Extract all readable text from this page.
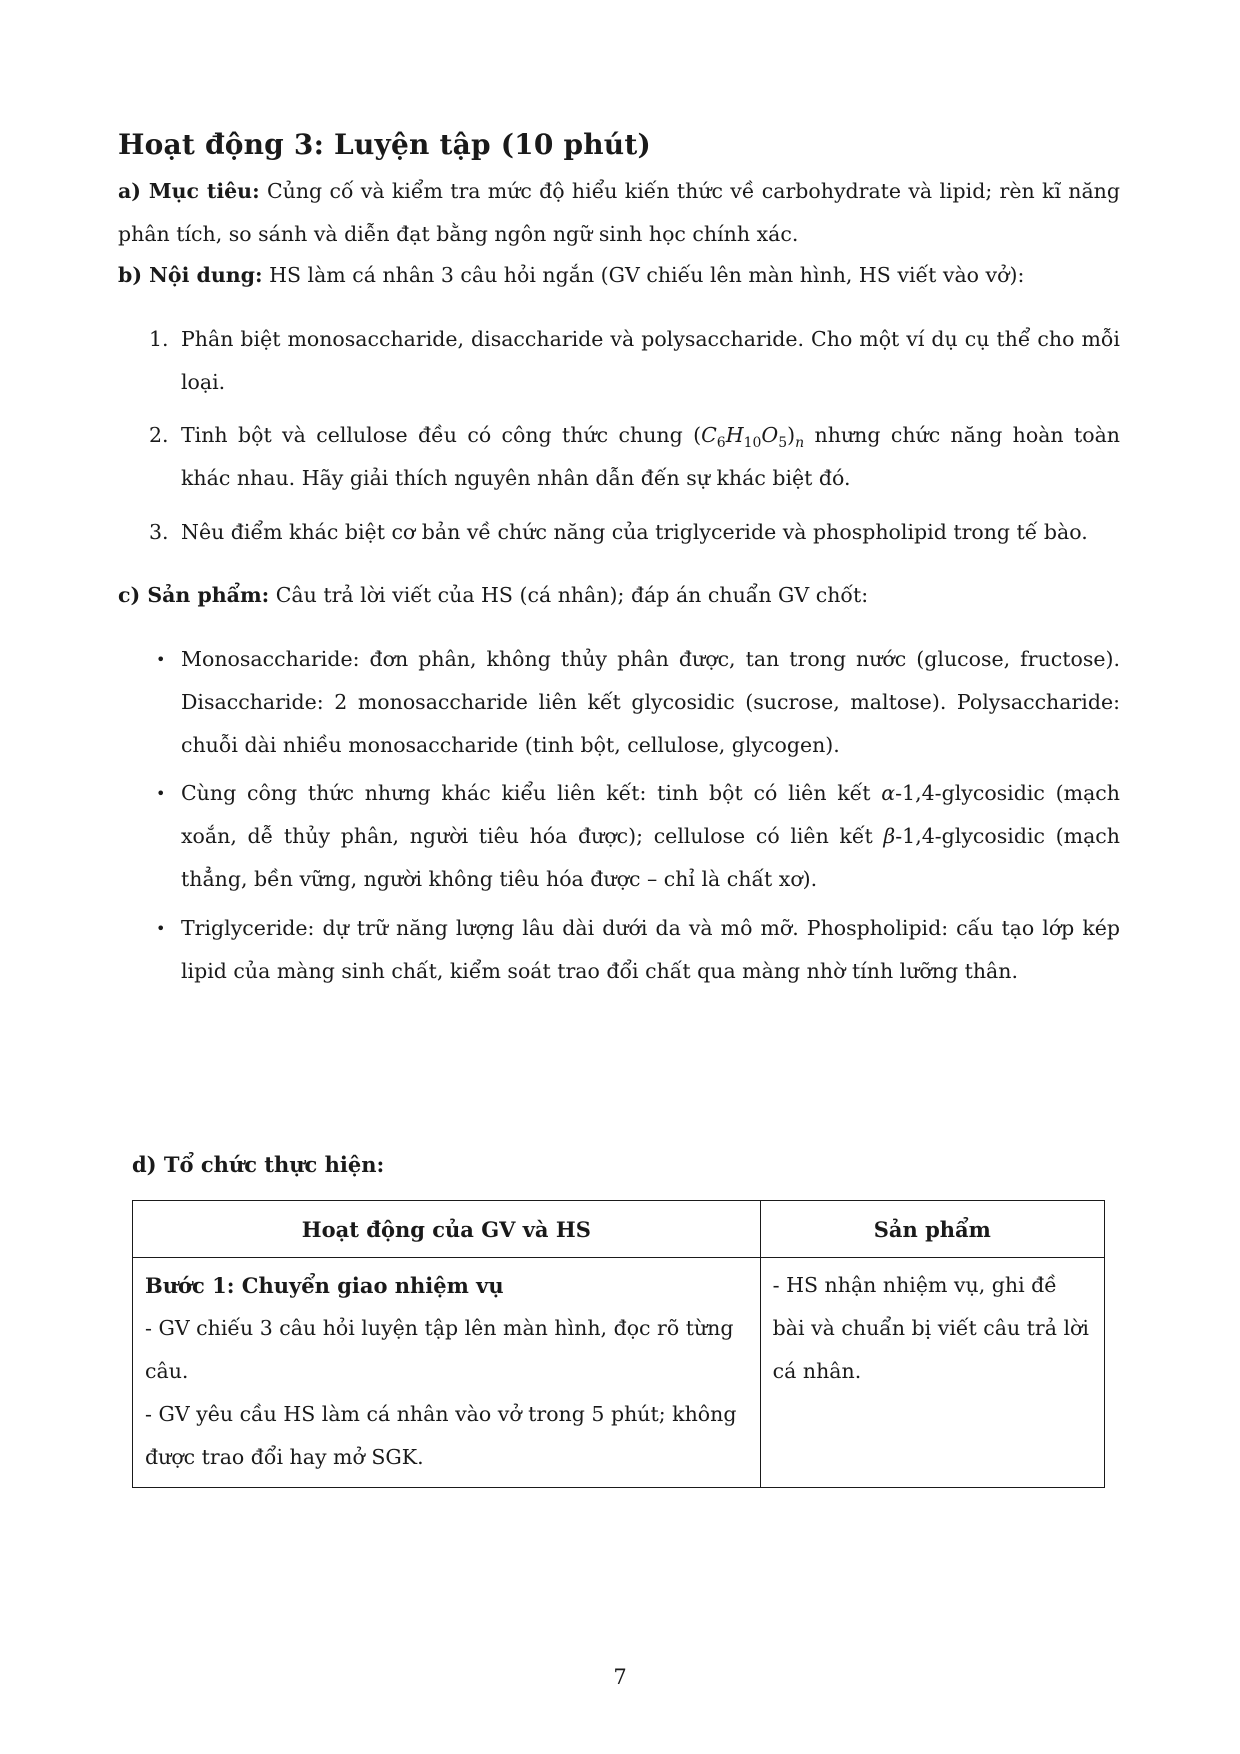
Hoạt động 3: Luyện tập (10 phút)

a) Mục tiêu: Củng cố và kiểm tra mức độ hiểu kiến thức về carbohydrate và lipid; rèn kĩ năng phân tích, so sánh và diễn đạt bằng ngôn ngữ sinh học chính xác.

b) Nội dung: HS làm cá nhân 3 câu hỏi ngắn (GV chiếu lên màn hình, HS viết vào vở):

1. Phân biệt monosaccharide, disaccharide và polysaccharide. Cho một ví dụ cụ thể cho mỗi loại.
2. Tinh bột và cellulose đều có công thức chung $(C_6H_{10}O_5)_n$ nhưng chức năng hoàn toàn khác nhau. Hãy giải thích nguyên nhân dẫn đến sự khác biệt đó.
3. Nêu điểm khác biệt cơ bản về chức năng của triglyceride và phospholipid trong tế bào.

c) Sản phẩm: Câu trả lời viết của HS (cá nhân); đáp án chuẩn GV chốt:

• Monosaccharide: đơn phân, không thủy phân được, tan trong nước (glucose, fructose). Disaccharide: 2 monosaccharide liên kết glycosidic (sucrose, maltose). Polysaccharide: chuỗi dài nhiều monosaccharide (tinh bột, cellulose, glycogen).
• Cùng công thức nhưng khác kiểu liên kết: tinh bột có liên kết α-1,4-glycosidic (mạch xoắn, dễ thủy phân, người tiêu hóa được); cellulose có liên kết β-1,4-glycosidic (mạch thẳng, bền vững, người không tiêu hóa được – chỉ là chất xơ).
• Triglyceride: dự trữ năng lượng lâu dài dưới da và mô mỡ. Phospholipid: cấu tạo lớp kép lipid của màng sinh chất, kiểm soát trao đổi chất qua màng nhờ tính lưỡng thân.
d) Tổ chức thực hiện:
Hoạt động của GV và HS	Sản phẩm

Bước 1: Chuyển giao nhiệm vụ
- GV chiếu 3 câu hỏi luyện tập lên màn hình, đọc rõ từng câu.
- GV yêu cầu HS làm cá nhân vào vở trong 5 phút; không được trao đổi hay mở SGK.	- HS nhận nhiệm vụ, ghi đề bài và chuẩn bị viết câu trả lời cá nhân.
7
